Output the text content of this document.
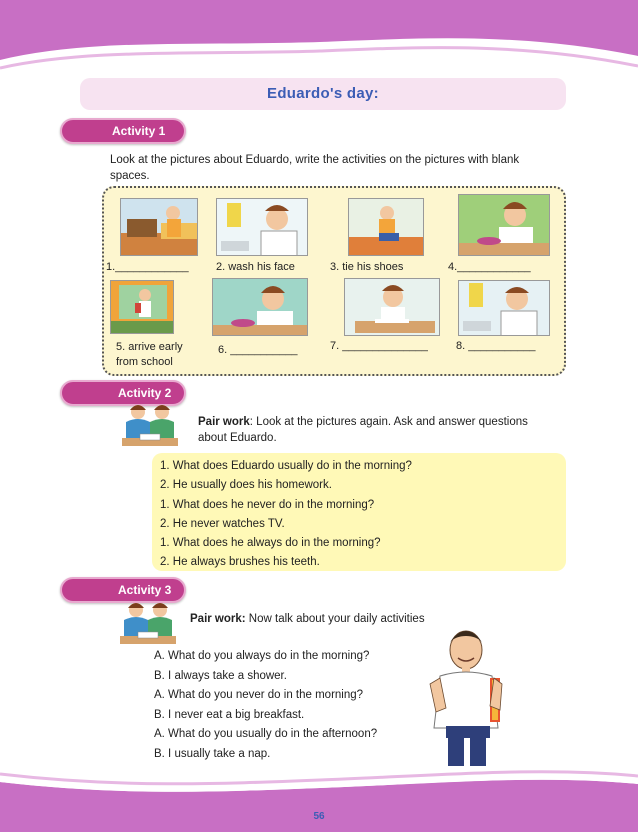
Eduardo's day:
Activity 1
Look at the pictures about Eduardo, write the activities on the pictures with blank spaces.
1.____________ 2. wash his face	3. tie his shoes	4.____________
5. arrive early
from school
6. ___________	7. ______________	8. ___________
Activity 2
Pair work: Look at the pictures again. Ask and answer questions
about Eduardo.
1. What does Eduardo usually do in the morning?
2. He usually does his homework.
1. What does he never do in the morning?
2. He never watches TV.
1. What does he always do in the morning?
2. He always brushes his teeth.
Activity 3
Pair work: Now talk about your daily activities
A. What do you always do in the morning?
B. I always take a shower.
A. What do you never do in the morning?
B. I never eat a big breakfast.
A. What do you usually do in the afternoon?
B. I usually take a nap.
56
